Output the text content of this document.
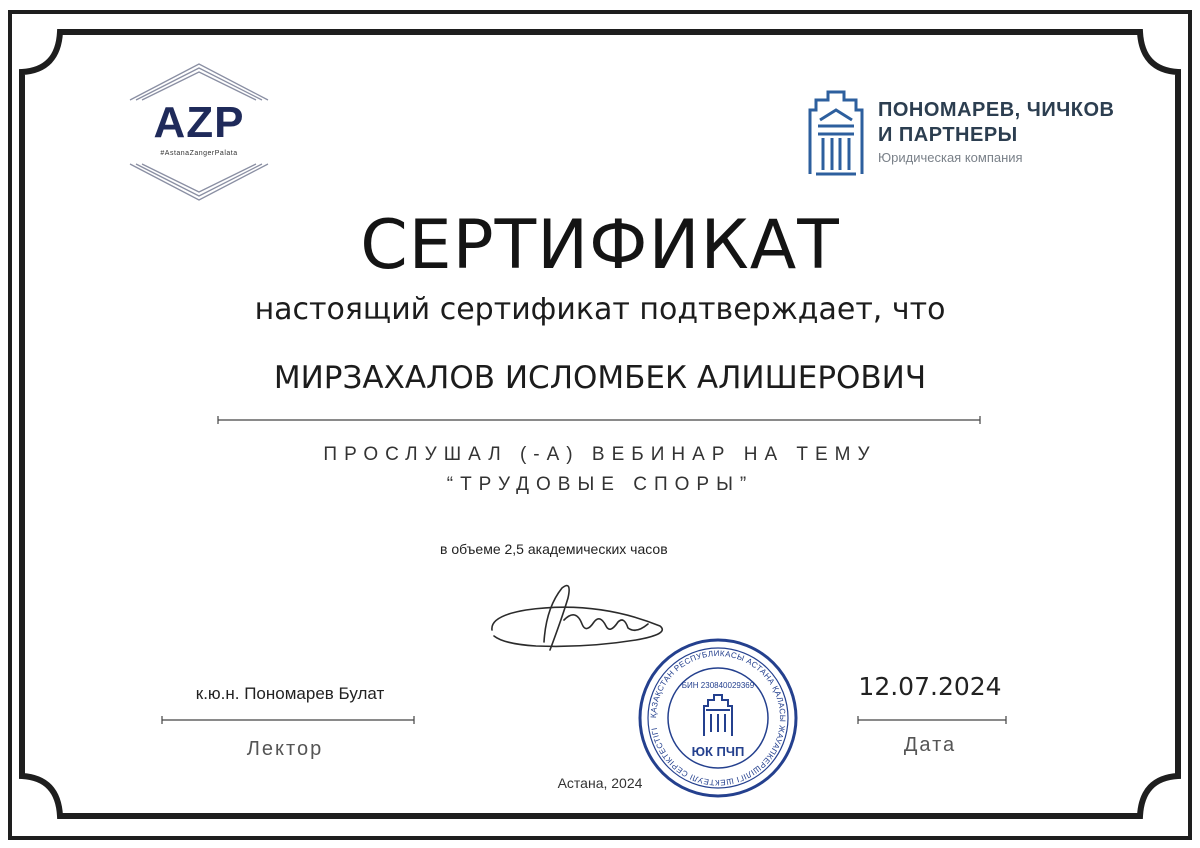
AZP
#AstanaZangerPalata
ПОНОМАРЕВ, ЧИЧКОВ
И ПАРТНЕРЫ
Юридическая компания
СЕРТИФИКАТ
настоящий сертификат подтверждает, что
МИРЗАХАЛОВ ИСЛОМБЕК АЛИШЕРОВИЧ
ПРОСЛУШАЛ (-А) ВЕБИНАР НА ТЕМУ
“ТРУДОВЫЕ СПОРЫ”
в объеме 2,5 академических часов
к.ю.н. Пономарев Булат
Лектор
ҚАЗАҚСТАН РЕСПУБЛИКАСЫ АСТАНА ҚАЛАСЫ ЖАУАПКЕРШІЛІГІ ШЕКТЕУЛІ СЕРІКТЕСТІГІ
БИН 230840029369
ЮК ПЧП
12.07.2024
Дата
Астана, 2024
